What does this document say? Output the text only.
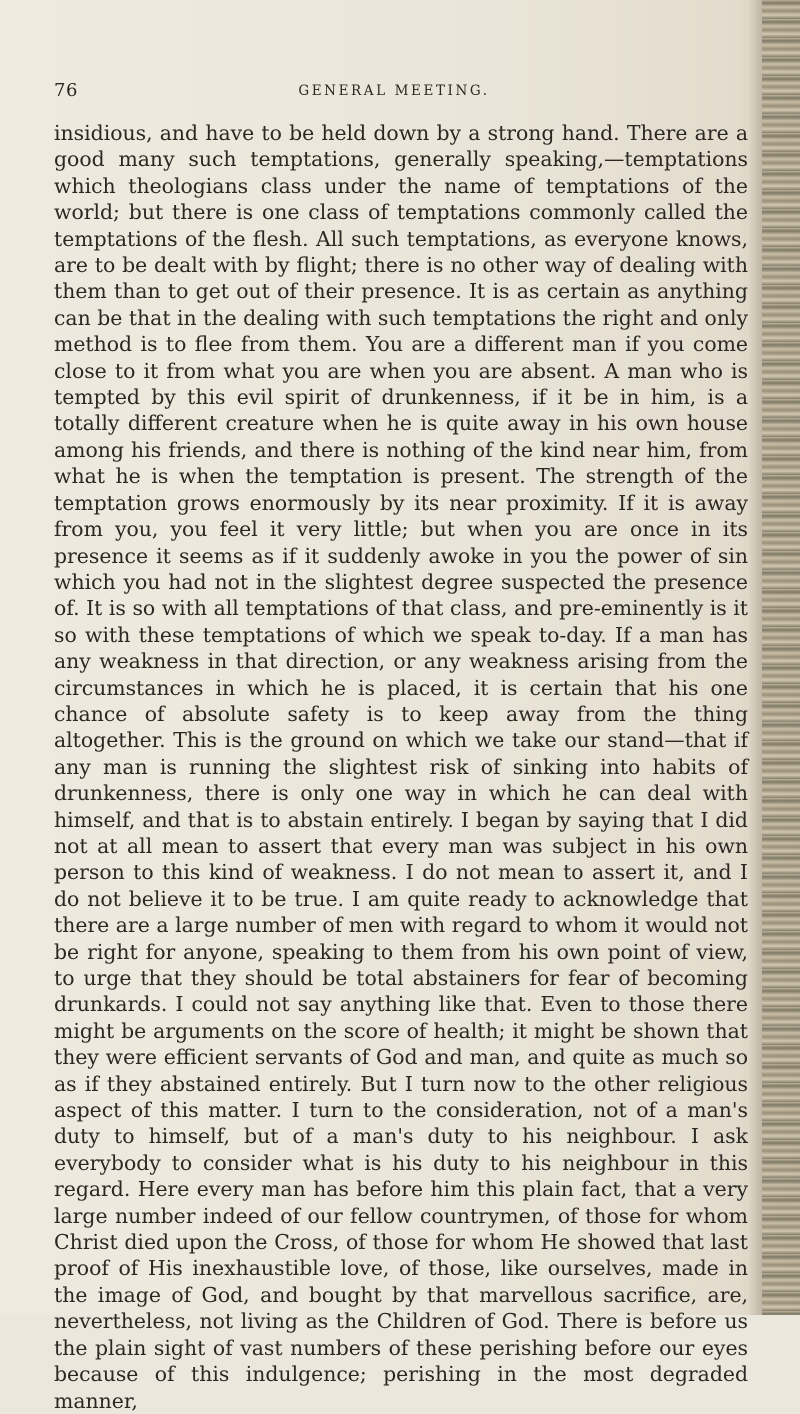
76	GENERAL MEETING.

insidious, and have to be held down by a strong hand. There are a good many such temptations, generally speaking,—temptations which theologians class under the name of temptations of the world; but there is one class of temptations commonly called the temptations of the flesh. All such temptations, as everyone knows, are to be dealt with by flight; there is no other way of dealing with them than to get out of their presence. It is as certain as anything can be that in the dealing with such temptations the right and only method is to flee from them. You are a different man if you come close to it from what you are when you are absent. A man who is tempted by this evil spirit of drunkenness, if it be in him, is a totally different creature when he is quite away in his own house among his friends, and there is nothing of the kind near him, from what he is when the temptation is present. The strength of the temptation grows enormously by its near proximity. If it is away from you, you feel it very little; but when you are once in its presence it seems as if it suddenly awoke in you the power of sin which you had not in the slightest degree suspected the presence of. It is so with all temptations of that class, and pre-eminently is it so with these temptations of which we speak to-day. If a man has any weakness in that direction, or any weakness arising from the circumstances in which he is placed, it is certain that his one chance of absolute safety is to keep away from the thing altogether. This is the ground on which we take our stand—that if any man is running the slightest risk of sinking into habits of drunkenness, there is only one way in which he can deal with himself, and that is to abstain entirely. I began by saying that I did not at all mean to assert that every man was subject in his own person to this kind of weakness. I do not mean to assert it, and I do not believe it to be true. I am quite ready to acknowledge that there are a large number of men with regard to whom it would not be right for anyone, speaking to them from his own point of view, to urge that they should be total abstainers for fear of becoming drunkards. I could not say anything like that. Even to those there might be arguments on the score of health; it might be shown that they were efficient servants of God and man, and quite as much so as if they abstained entirely. But I turn now to the other religious aspect of this matter. I turn to the consideration, not of a man's duty to himself, but of a man's duty to his neighbour. I ask everybody to consider what is his duty to his neighbour in this regard. Here every man has before him this plain fact, that a very large number indeed of our fellow countrymen, of those for whom Christ died upon the Cross, of those for whom He showed that last proof of His inexhaustible love, of those, like ourselves, made in the image of God, and bought by that marvellous sacrifice, are, nevertheless, not living as the Children of God. There is before us the plain sight of vast numbers of these perishing before our eyes because of this indulgence; perishing in the most degraded manner,
